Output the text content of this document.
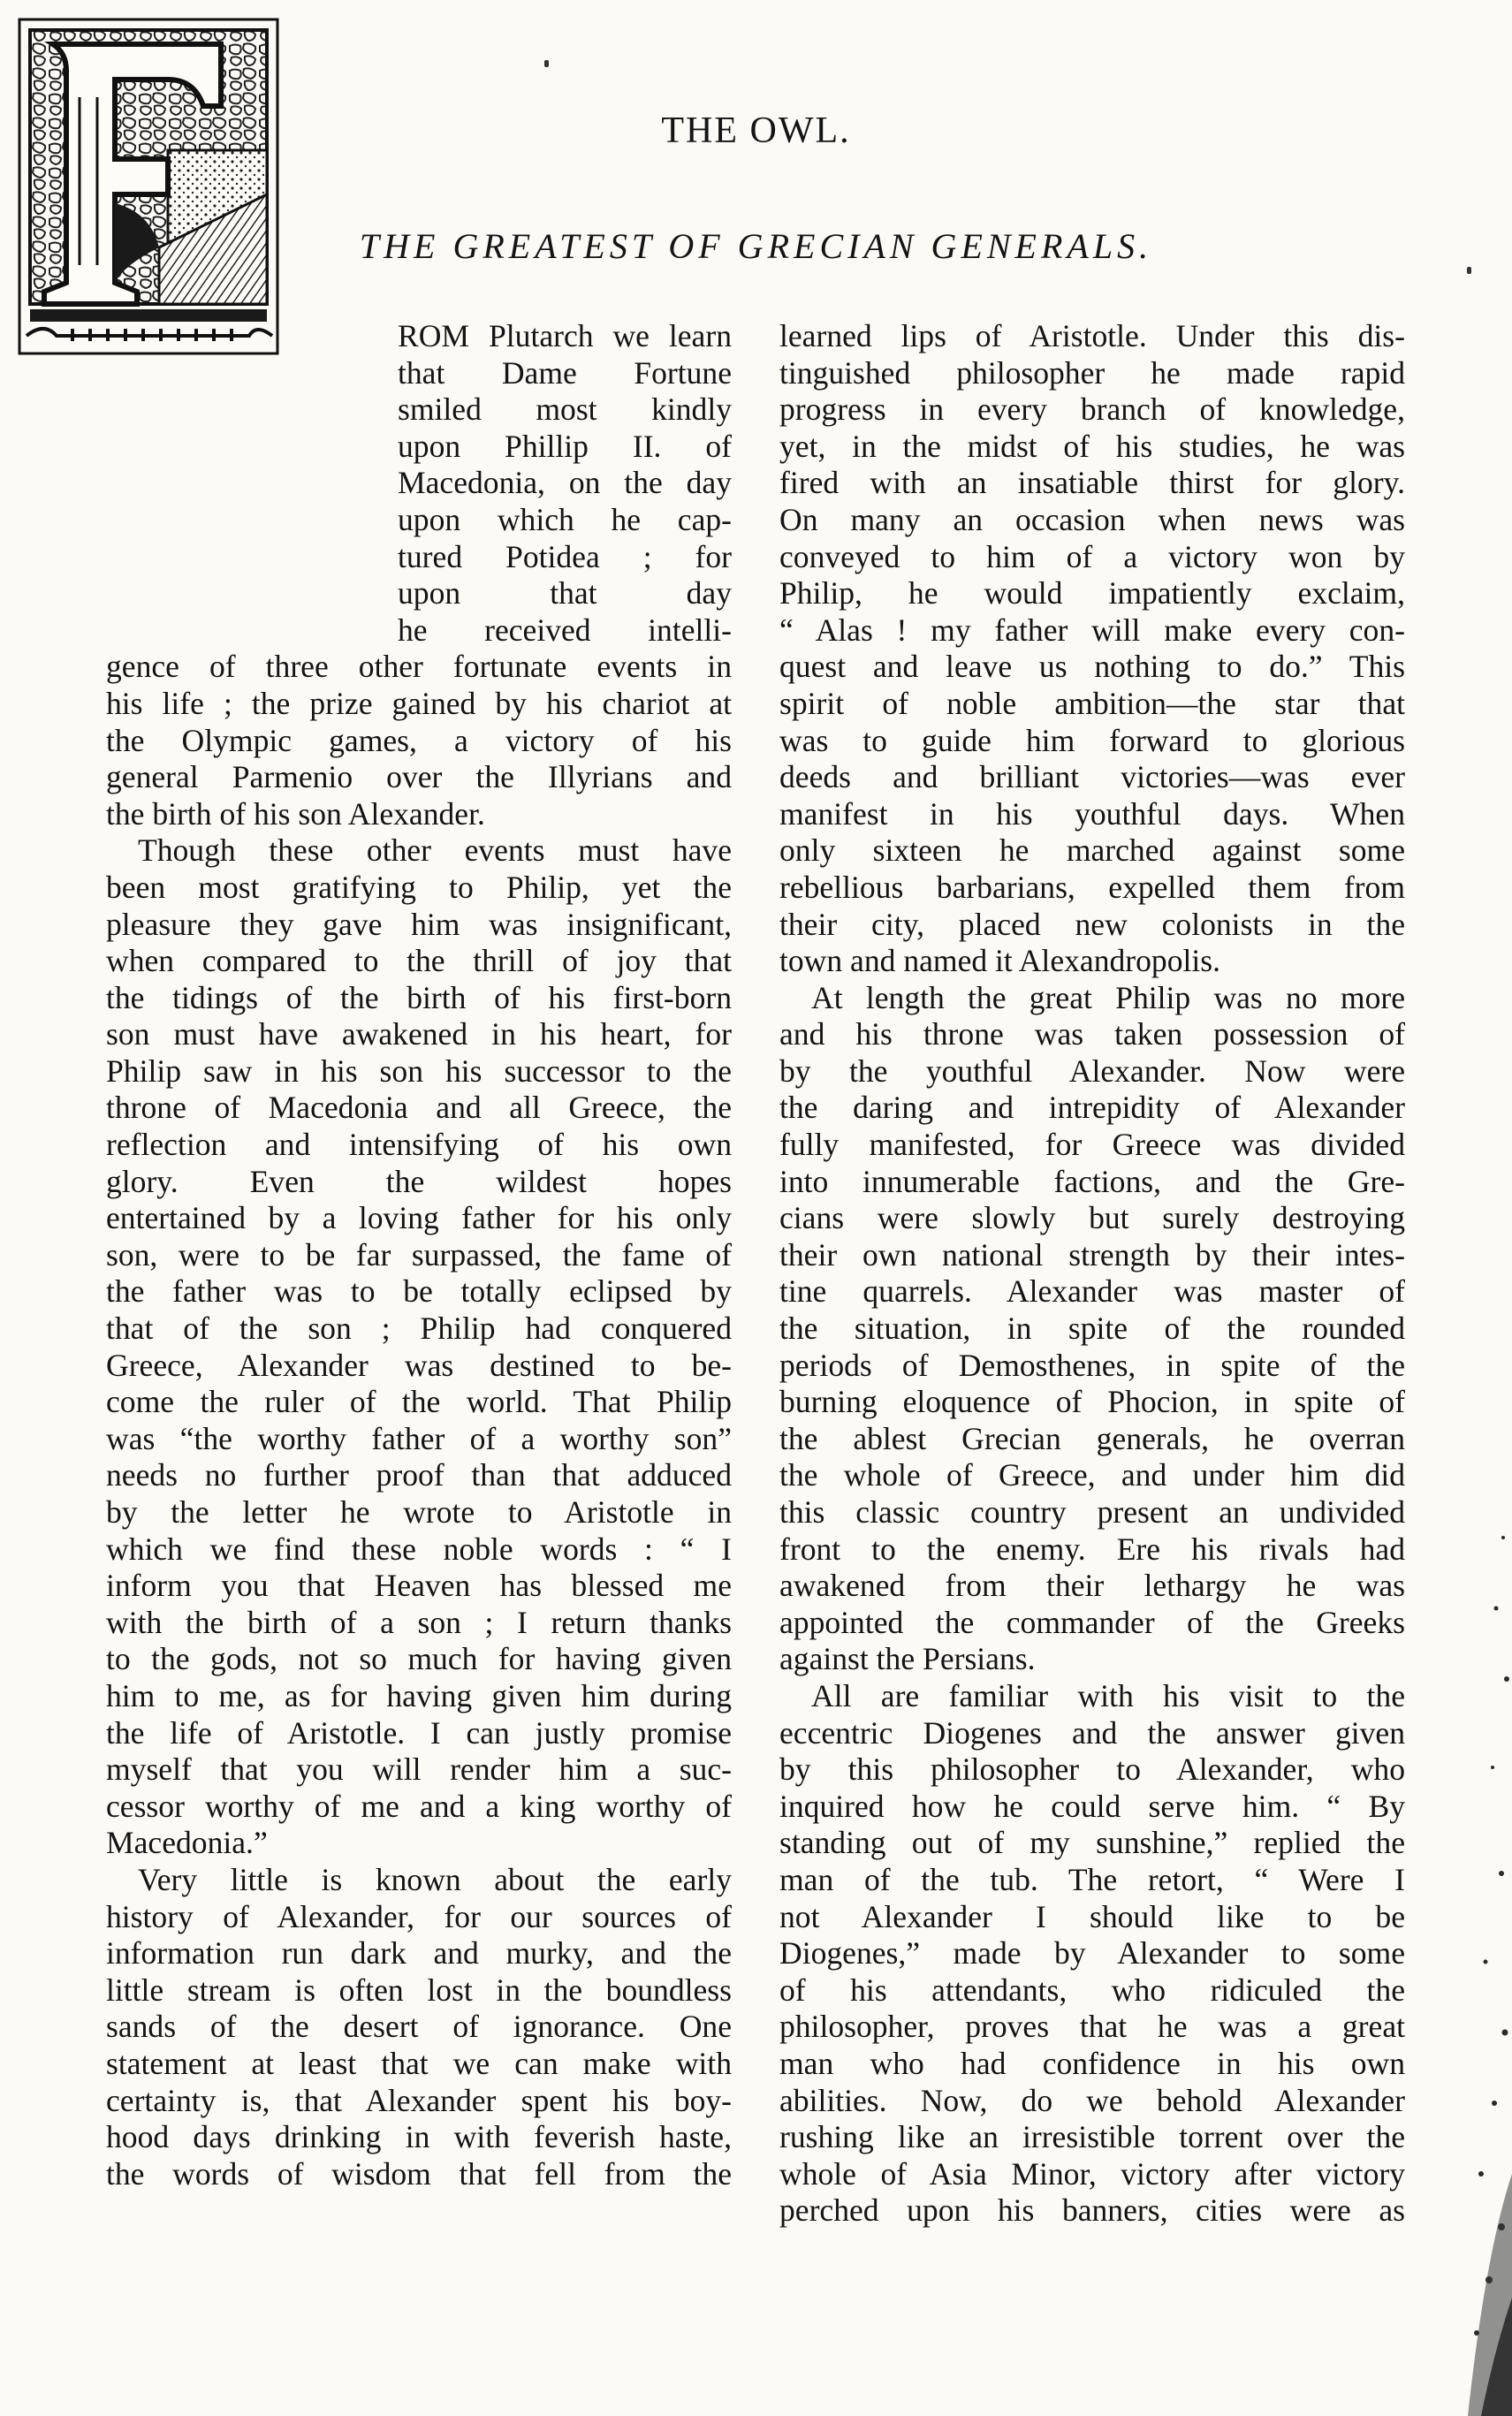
THE OWL.
THE GREATEST OF GRECIAN GENERALS.
ROM Plutarch we learn
that Dame Fortune
smiled most kindly
upon Phillip II. of
Macedonia, on the day
upon which he cap-
tured Potidea ; for
upon that day
he received intelli-
gence of three other fortunate events in
his life ; the prize gained by his chariot at
the Olympic games, a victory of his
general Parmenio over the Illyrians and
the birth of his son Alexander.
Though these other events must have
been most gratifying to Philip, yet the
pleasure they gave him was insignificant,
when compared to the thrill of joy that
the tidings of the birth of his first-born
son must have awakened in his heart, for
Philip saw in his son his successor to the
throne of Macedonia and all Greece, the
reflection and intensifying of his own
glory. Even the wildest hopes
entertained by a loving father for his only
son, were to be far surpassed, the fame of
the father was to be totally eclipsed by
that of the son ; Philip had conquered
Greece, Alexander was destined to be-
come the ruler of the world. That Philip
was “the worthy father of a worthy son”
needs no further proof than that adduced
by the letter he wrote to Aristotle in
which we find these noble words : “ I
inform you that Heaven has blessed me
with the birth of a son ; I return thanks
to the gods, not so much for having given
him to me, as for having given him during
the life of Aristotle. I can justly promise
myself that you will render him a suc-
cessor worthy of me and a king worthy of
Macedonia.”
Very little is known about the early
history of Alexander, for our sources of
information run dark and murky, and the
little stream is often lost in the boundless
sands of the desert of ignorance. One
statement at least that we can make with
certainty is, that Alexander spent his boy-
hood days drinking in with feverish haste,
the words of wisdom that fell from the
learned lips of Aristotle. Under this dis-
tinguished philosopher he made rapid
progress in every branch of knowledge,
yet, in the midst of his studies, he was
fired with an insatiable thirst for glory.
On many an occasion when news was
conveyed to him of a victory won by
Philip, he would impatiently exclaim,
“ Alas ! my father will make every con-
quest and leave us nothing to do.” This
spirit of noble ambition—the star that
was to guide him forward to glorious
deeds and brilliant victories—was ever
manifest in his youthful days. When
only sixteen he marched against some
rebellious barbarians, expelled them from
their city, placed new colonists in the
town and named it Alexandropolis.
At length the great Philip was no more
and his throne was taken possession of
by the youthful Alexander. Now were
the daring and intrepidity of Alexander
fully manifested, for Greece was divided
into innumerable factions, and the Gre-
cians were slowly but surely destroying
their own national strength by their intes-
tine quarrels. Alexander was master of
the situation, in spite of the rounded
periods of Demosthenes, in spite of the
burning eloquence of Phocion, in spite of
the ablest Grecian generals, he overran
the whole of Greece, and under him did
this classic country present an undivided
front to the enemy. Ere his rivals had
awakened from their lethargy he was
appointed the commander of the Greeks
against the Persians.
All are familiar with his visit to the
eccentric Diogenes and the answer given
by this philosopher to Alexander, who
inquired how he could serve him. “ By
standing out of my sunshine,” replied the
man of the tub. The retort, “ Were I
not Alexander I should like to be
Diogenes,” made by Alexander to some
of his attendants, who ridiculed the
philosopher, proves that he was a great
man who had confidence in his own
abilities. Now, do we behold Alexander
rushing like an irresistible torrent over the
whole of Asia Minor, victory after victory
perched upon his banners, cities were as
